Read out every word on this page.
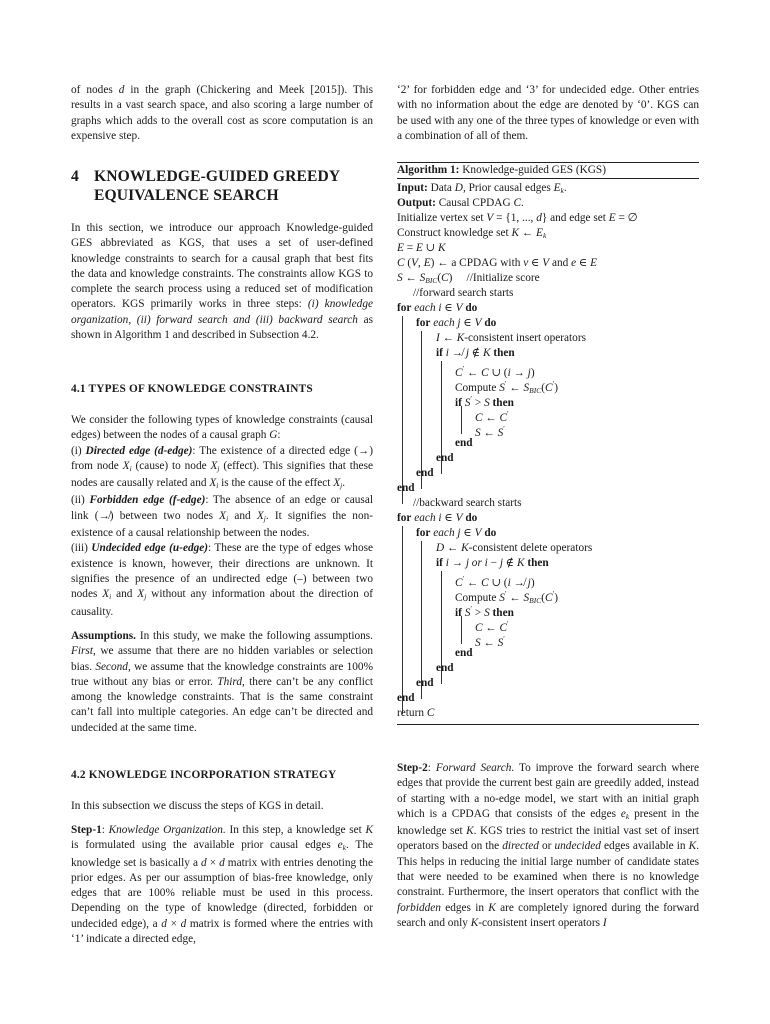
of nodes d in the graph (Chickering and Meek [2015]). This results in a vast search space, and also scoring a large number of graphs which adds to the overall cost as score computation is an expensive step.

4 KNOWLEDGE-GUIDED GREEDY
EQUIVALENCE SEARCH

In this section, we introduce our approach Knowledge-guided GES abbreviated as KGS, that uses a set of user-defined knowledge constraints to search for a causal graph that best fits the data and knowledge constraints. The constraints allow KGS to complete the search process using a reduced set of modification operators. KGS primarily works in three steps: (i) knowledge organization, (ii) forward search and (iii) backward search as shown in Algorithm 1 and described in Subsection 4.2.

4.1 TYPES OF KNOWLEDGE CONSTRAINTS

We consider the following types of knowledge constraints (causal edges) between the nodes of a causal graph G:
(i) Directed edge (d-edge): The existence of a directed edge (→) from node $X_i$ (cause) to node $X_j$ (effect). This signifies that these nodes are causally related and $X_i$ is the cause of the effect $X_j$.
(ii) Forbidden edge (f-edge): The absence of an edge or causal link (↛) between two nodes $X_i$ and $X_j$. It signifies the non-existence of a causal relationship between the nodes.
(iii) Undecided edge (u-edge): These are the type of edges whose existence is known, however, their directions are unknown. It signifies the presence of an undirected edge (–) between two nodes $X_i$ and $X_j$ without any information about the direction of causality.

Assumptions. In this study, we make the following assumptions. First, we assume that there are no hidden variables or selection bias. Second, we assume that the knowledge constraints are 100% true without any bias or error. Third, there can’t be any conflict among the knowledge constraints. That is the same constraint can’t fall into multiple categories. An edge can’t be directed and undecided at the same time.

4.2 KNOWLEDGE INCORPORATION STRATEGY

In this subsection we discuss the steps of KGS in detail.

Step-1: Knowledge Organization. In this step, a knowledge set K is formulated using the available prior causal edges $e_k$. The knowledge set is basically a d × d matrix with entries denoting the prior edges. As per our assumption of bias-free knowledge, only edges that are 100% reliable must be used in this process. Depending on the type of knowledge (directed, forbidden or undecided edge), a d × d matrix is formed where the entries with ‘1’ indicate a directed edge,

‘2’ for forbidden edge and ‘3’ for undecided edge. Other entries with no information about the edge are denoted by ‘0’. KGS can be used with any one of the three types of knowledge or even with a combination of all of them.

Algorithm 1: Knowledge-guided GES (KGS)
Input: Data D, Prior causal edges $E_k$.
Output: Causal CPDAG C.
Initialize vertex set V = {1, ..., d} and edge set E = ∅
Construct knowledge set K ← $E_k$
E = E ∪ K
C (V, E) ← a CPDAG with v ∈ V and e ∈ E
S ← $S_{BIC}(C)$     //Initialize score
//forward search starts
for each i ∈ V do
for each j ∈ V do
I ← K-consistent insert operators
if i ↛ j ∉ K then
C′ ← C ∪ (i → j)
Compute S′ ← $S_{BIC}(C')$
if S′ > S then
C ← C′
S ← S′
end
end
end
end
//backward search starts
for each i ∈ V do
for each j ∈ V do
D ← K-consistent delete operators
if i → j or i − j ∉ K then
C′ ← C ∪ (i ↛ j)
Compute S′ ← $S_{BIC}(C')$
if S′ > S then
C ← C′
S ← S′
end
end
end
end
return C

Step-2: Forward Search. To improve the forward search where edges that provide the current best gain are greedily added, instead of starting with a no-edge model, we start with an initial graph which is a CPDAG that consists of the edges $e_k$ present in the knowledge set K. KGS tries to restrict the initial vast set of insert operators based on the directed or undecided edges available in K. This helps in reducing the initial large number of candidate states that were needed to be examined when there is no knowledge constraint. Furthermore, the insert operators that conflict with the forbidden edges in K are completely ignored during the forward search and only K-consistent insert operators I
